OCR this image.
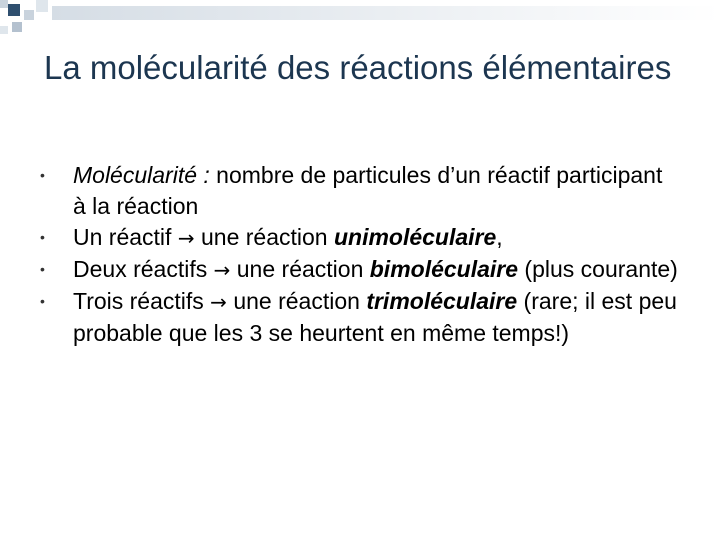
La molécularité des réactions élémentaires
• Molécularité : nombre de particules d’un réactif participant à la réaction
• Un réactif → une réaction unimoléculaire,
• Deux réactifs → une réaction bimoléculaire (plus courante)
• Trois réactifs → une réaction trimoléculaire (rare; il est peu probable que les 3 se heurtent en même temps!)
